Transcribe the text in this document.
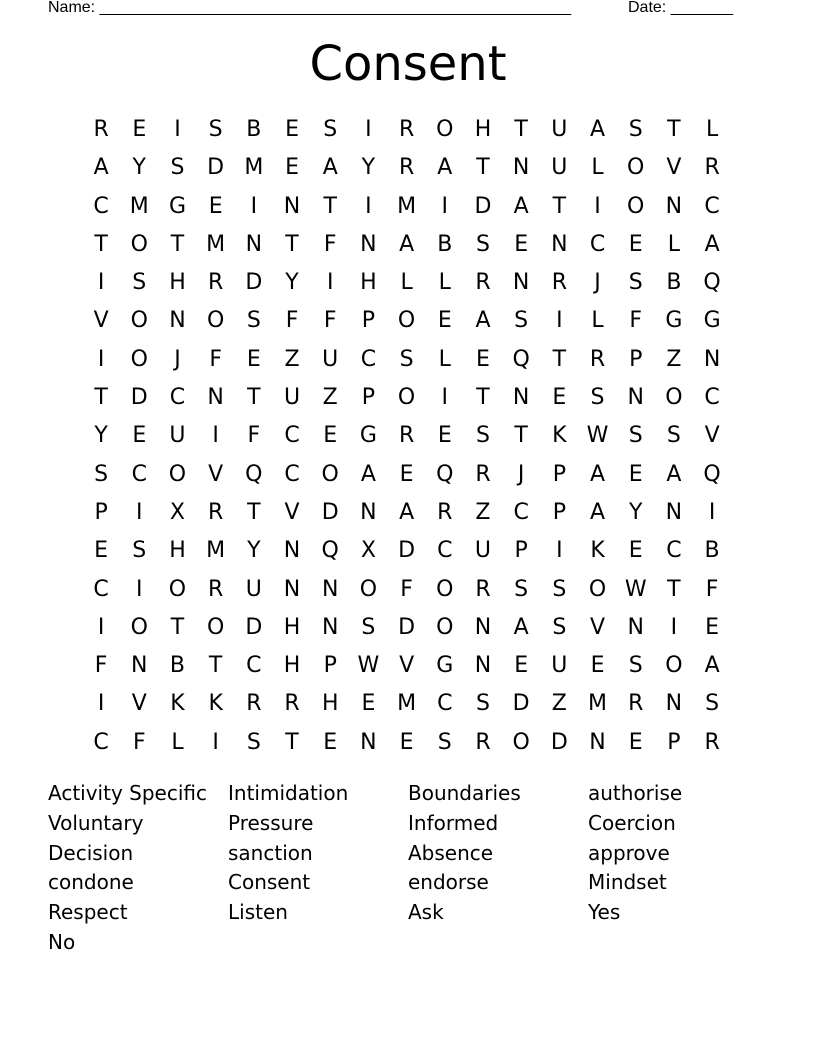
Name: _____________________________________________________

	Date: _______

Consent
R	E	I	S	B	E	S	I	R O H	T	U	A	S	T	L
A	Y	S	D M E	A	Y	R	A	T	N U	L	O	V	R
C M G	E	I	N	T	I	M	I	D	A	T	I	O N	C
T	O	T M N	T	F	N	A	B	S	E	N	C	E	L	A
I	S	H	R	D	Y	I	H	L	L	R	N	R	J	S	B Q
V O N O	S	F	F	P	O	E	A	S	I	L	F	G G
I	O	J	F	E	Z	U	C	S	L	E	Q	T	R	P	Z	N
T	D	C	N	T	U	Z	P	O	I	T	N	E	S	N O C
Y	E	U	I	F	C	E	G	R	E	S	T	K W S	S	V
S	C O	V Q C O	A	E	Q R	J	P	A	E	A Q
P	I	X	R	T	V	D N	A	R	Z	C	P	A	Y	N	I
E	S	H M Y	N Q X	D	C	U	P	I	K	E	C	B
C	I	O R	U N N O	F	O R	S	S	O W T	F
I	O	T	O D H N	S	D O N	A	S	V	N	I	E
F	N	B	T	C	H	P W V	G N	E	U	E	S	O	A
I	V	K	K	R	R	H	E M C	S	D	Z M R	N	S
C	F	L	I	S	T	E	N	E	S	R O D N	E	P	R
Activity Specific	Intimidation	Boundaries	authorise
Voluntary	Pressure	Informed	Coercion
Decision	sanction	Absence	approve
condone	Consent	endorse	Mindset
Respect	Listen	Ask	Yes
No
